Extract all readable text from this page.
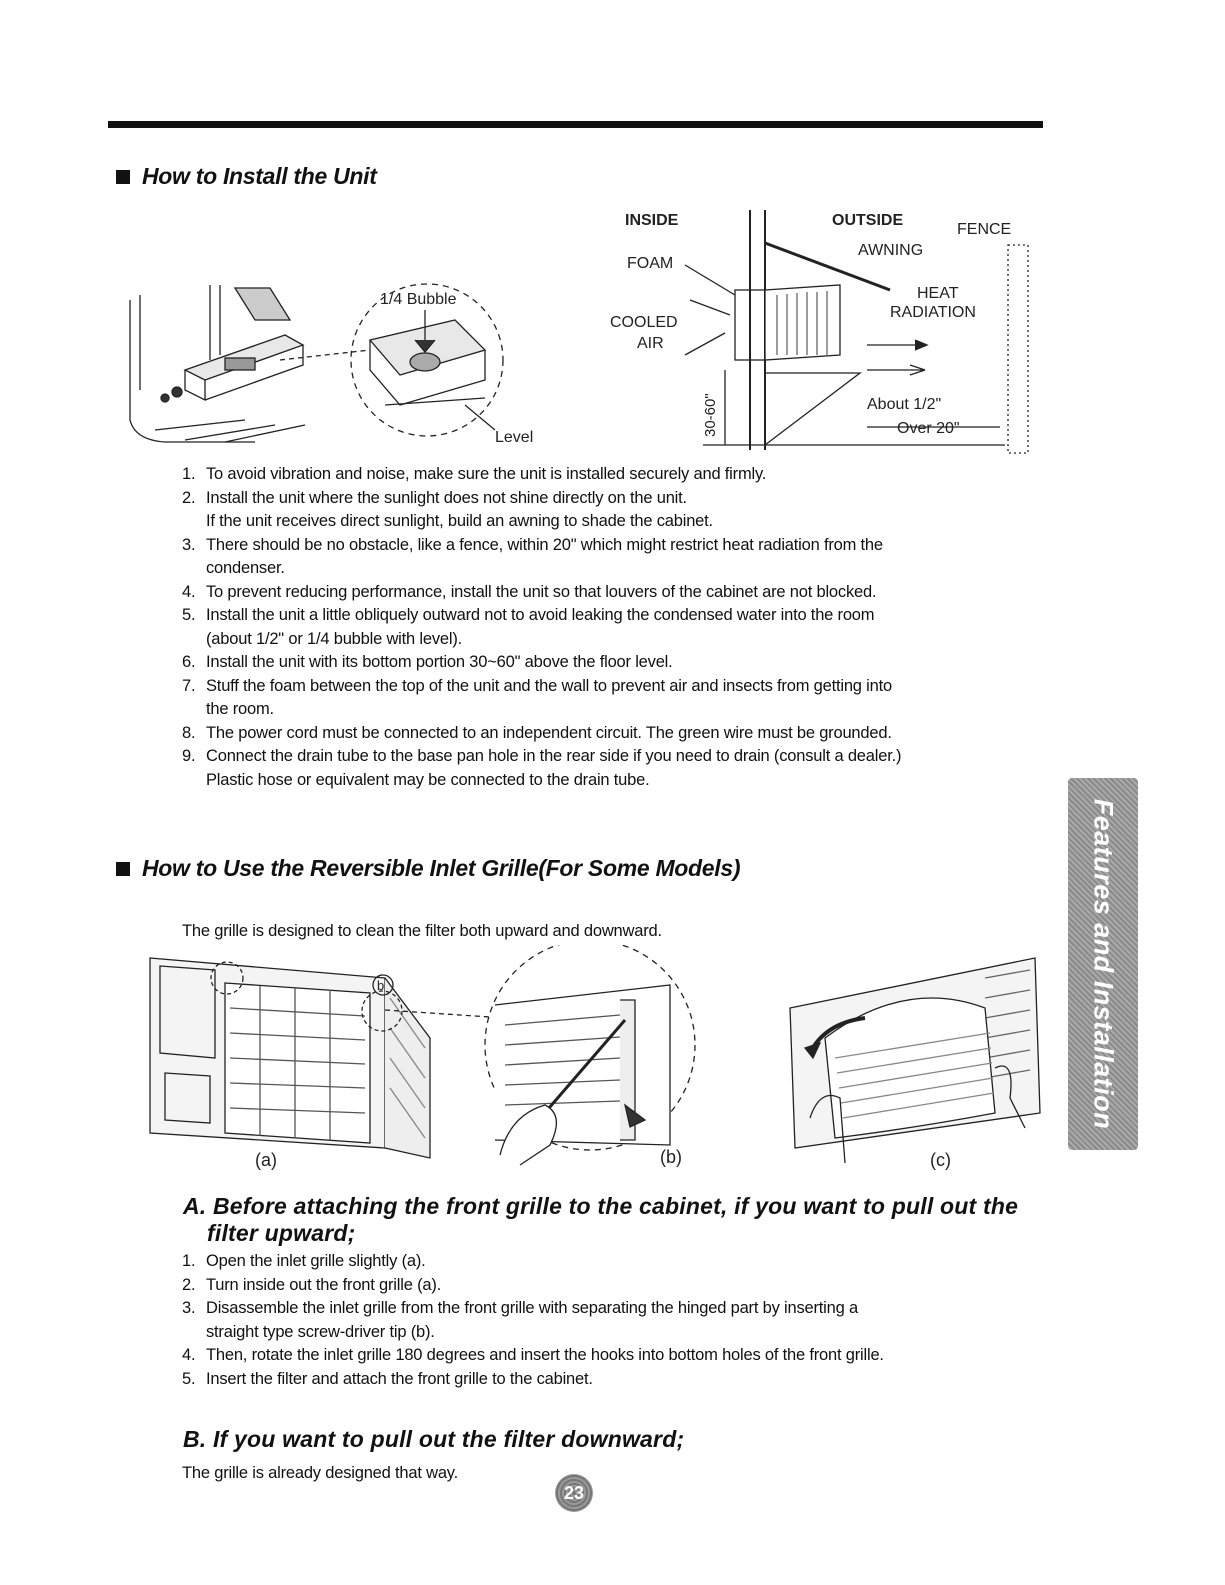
How to Install the Unit
1/4 Bubble
Level
INSIDE	OUTSIDE
FENCE
AWNING
FOAM
COOLED
AIR
HEAT
RADIATION
30-60"	About 1/2"
Over 20"
1. To avoid vibration and noise, make sure the unit is installed securely and firmly.
2. Install the unit where the sunlight does not shine directly on the unit.
If the unit receives direct sunlight, build an awning to shade the cabinet.
3. There should be no obstacle, like a fence, within 20" which might restrict heat radiation from the
condenser.
4. To prevent reducing performance, install the unit so that louvers of the cabinet are not blocked.
5. Install the unit a little obliquely outward not to avoid leaking the condensed water into the room
(about 1/2" or 1/4 bubble with level).
6. Install the unit with its bottom portion 30~60" above the floor level.
7. Stuff the foam between the top of the unit and the wall to prevent air and insects from getting into
the room.
8. The power cord must be connected to an independent circuit. The green wire must be grounded.
9. Connect the drain tube to the base pan hole in the rear side if you need to drain (consult a dealer.)
Plastic hose or equivalent may be connected to the drain tube.
How to Use the Reversible Inlet Grille(For Some Models)
The grille is designed to clean the filter both upward and downward.
b
(a)	(b)	(c)
A. Before attaching the front grille to the cabinet, if you want to pull out the
filter upward;
1. Open the inlet grille slightly (a).
2. Turn inside out the front grille (a).
3. Disassemble the inlet grille from the front grille with separating the hinged part by inserting a
straight type screw-driver tip (b).
4. Then, rotate the inlet grille 180 degrees and insert the hooks into bottom holes of the front grille.
5. Insert the filter and attach the front grille to the cabinet.
B. If you want to pull out the filter downward;
The grille is already designed that way.
Features and Installation
23
